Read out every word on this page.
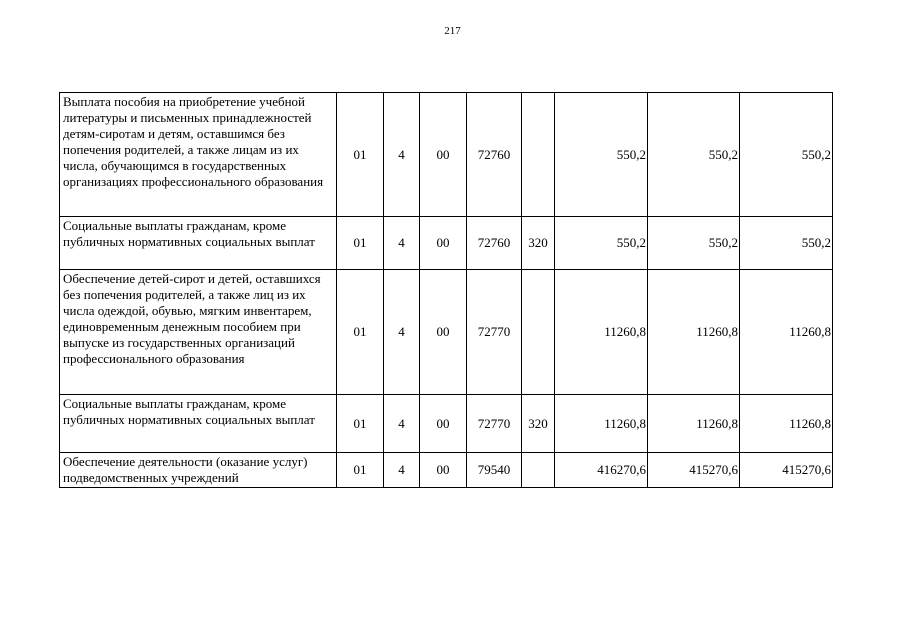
217
Выплата пособия на приобретение учебной литературы и письменных принадлежностей детям-сиротам и детям, оставшимся без попечения родителей, а также лицам из их числа, обучающимся в государственных организациях профессионального образования	01	4	00	72760		550,2	550,2	550,2
Социальные выплаты гражданам, кроме публичных нормативных социальных выплат	01	4	00	72760	320	550,2	550,2	550,2
Обеспечение детей-сирот и детей, оставшихся без попечения родителей, а также лиц из их числа одеждой, обувью, мягким инвентарем, единовременным денежным пособием при выпуске из государственных организаций профессионального образования	01	4	00	72770		11260,8	11260,8	11260,8
Социальные выплаты гражданам, кроме публичных нормативных социальных выплат	01	4	00	72770	320	11260,8	11260,8	11260,8
Обеспечение деятельности (оказание услуг) подведомственных учреждений	01	4	00	79540		416270,6	415270,6	415270,6
